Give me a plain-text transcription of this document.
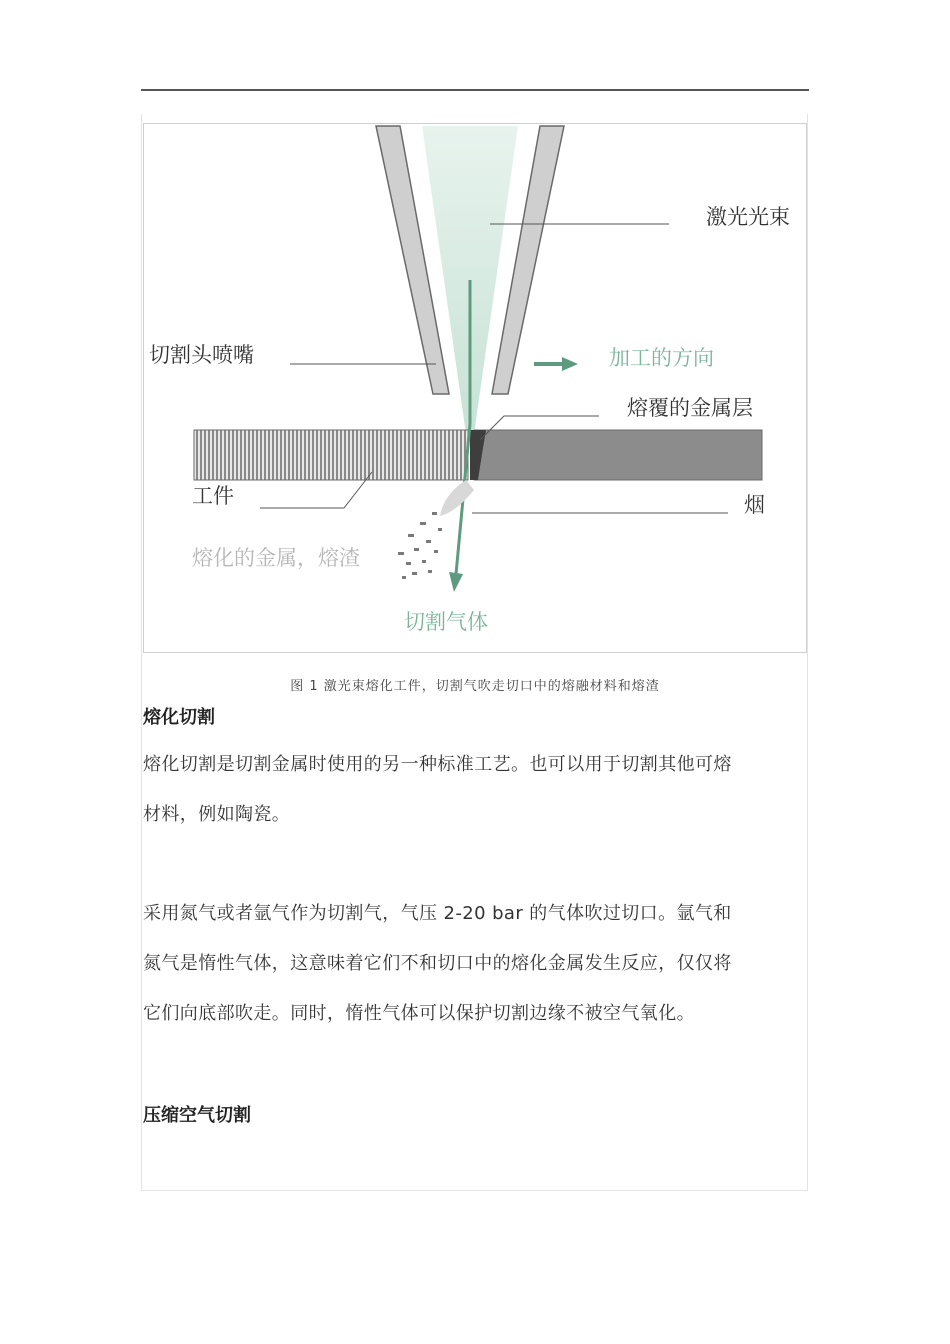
激光光束
切割头喷嘴	加工的方向
熔覆的金属层
工件	烟
熔化的金属，熔渣
切割气体
图 1 激光束熔化工件，切割气吹走切口中的熔融材料和熔渣
熔化切割

熔化切割是切割金属时使用的另一种标准工艺。也可以用于切割其他可熔

材料，例如陶瓷。

采用氮气或者氩气作为切割气，气压 2-20 bar 的气体吹过切口。氩气和

氮气是惰性气体，这意味着它们不和切口中的熔化金属发生反应，仅仅将

它们向底部吹走。同时，惰性气体可以保护切割边缘不被空气氧化。

压缩空气切割
